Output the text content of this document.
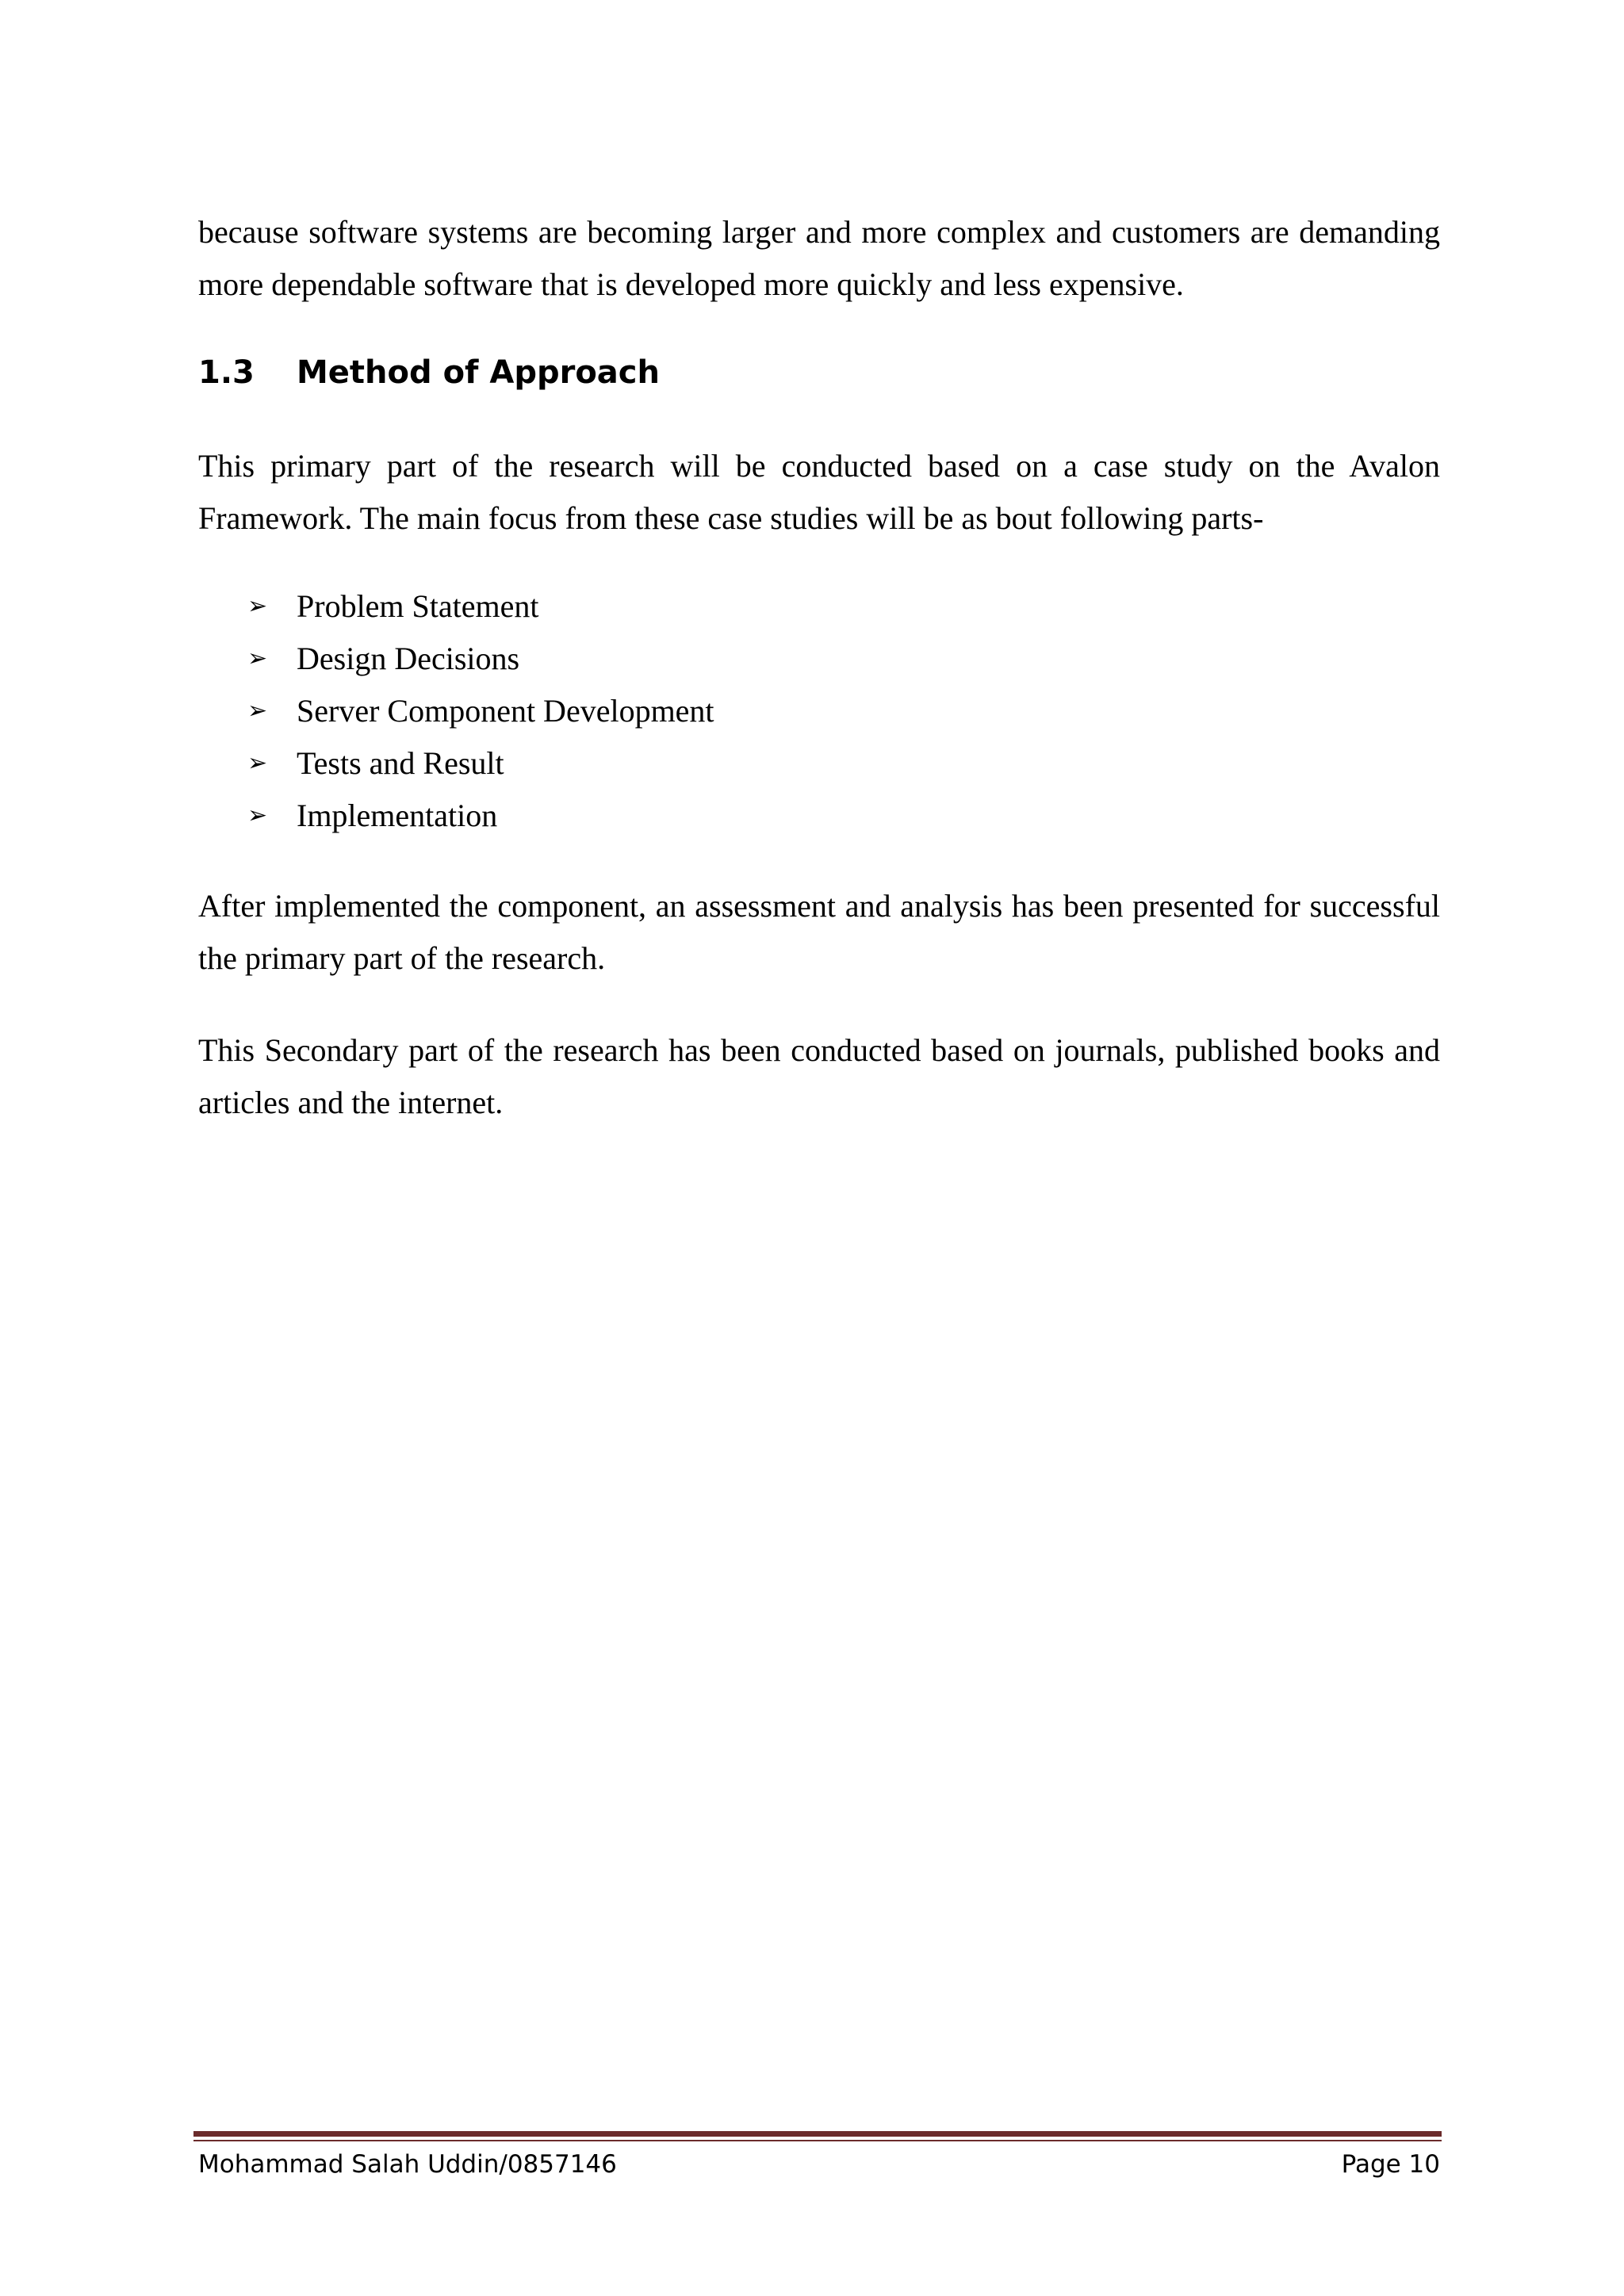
because software systems are becoming larger and more complex and customers are demanding more dependable software that is developed more quickly and less expensive.

1.3 Method of Approach

This primary part of the research will be conducted based on a case study on the Avalon Framework. The main focus from these case studies will be as bout following parts-

➢ Problem Statement
➢ Design Decisions
➢ Server Component Development
➢ Tests and Result
➢ Implementation

After implemented the component, an assessment and analysis has been presented for successful the primary part of the research.

This Secondary part of the research has been conducted based on journals, published books and articles and the internet.

Mohammad Salah Uddin/0857146	Page 10
